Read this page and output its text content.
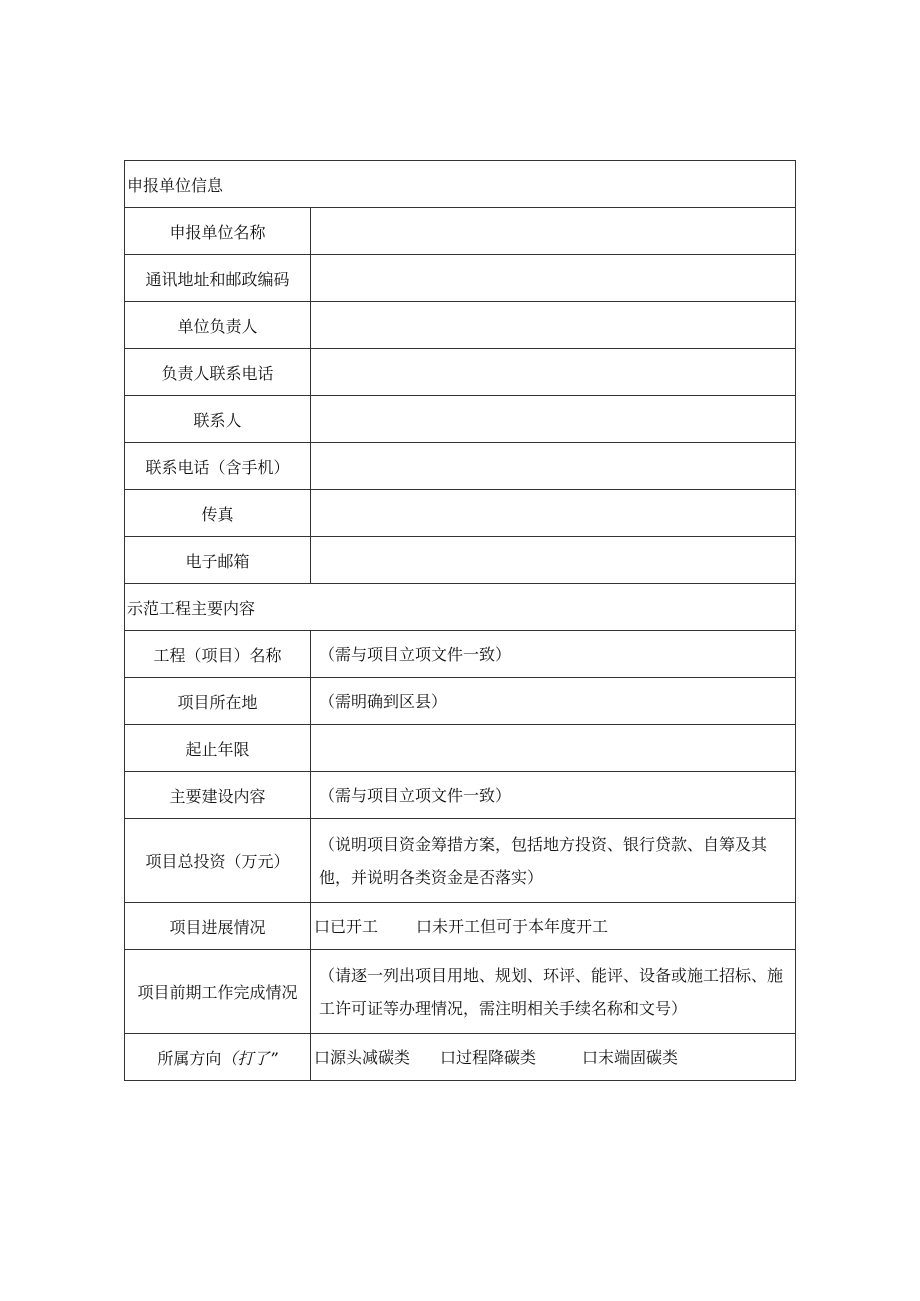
申报单位信息	
申报单位名称	
通讯地址和邮政编码	
单位负责人	
负责人联系电话	
联系人	
联系电话（含手机）	
传真	
电子邮箱	
示范工程主要内容	
工程（项目）名称	（需与项目立项文件一致）
项目所在地	（需明确到区县）
起止年限	
主要建设内容	（需与项目立项文件一致）
项目总投资（万元）	（说明项目资金筹措方案，包括地方投资、银行贷款、自筹及其他，并说明各类资金是否落实）
项目进展情况	口已开工 口未开工但可于本年度开工
项目前期工作完成情况	（请逐一列出项目用地、规划、环评、能评、设备或施工招标、施工许可证等办理情况，需注明相关手续名称和文号）
所属方向（打了”	口源头减碳类 口过程降碳类 口末端固碳类
